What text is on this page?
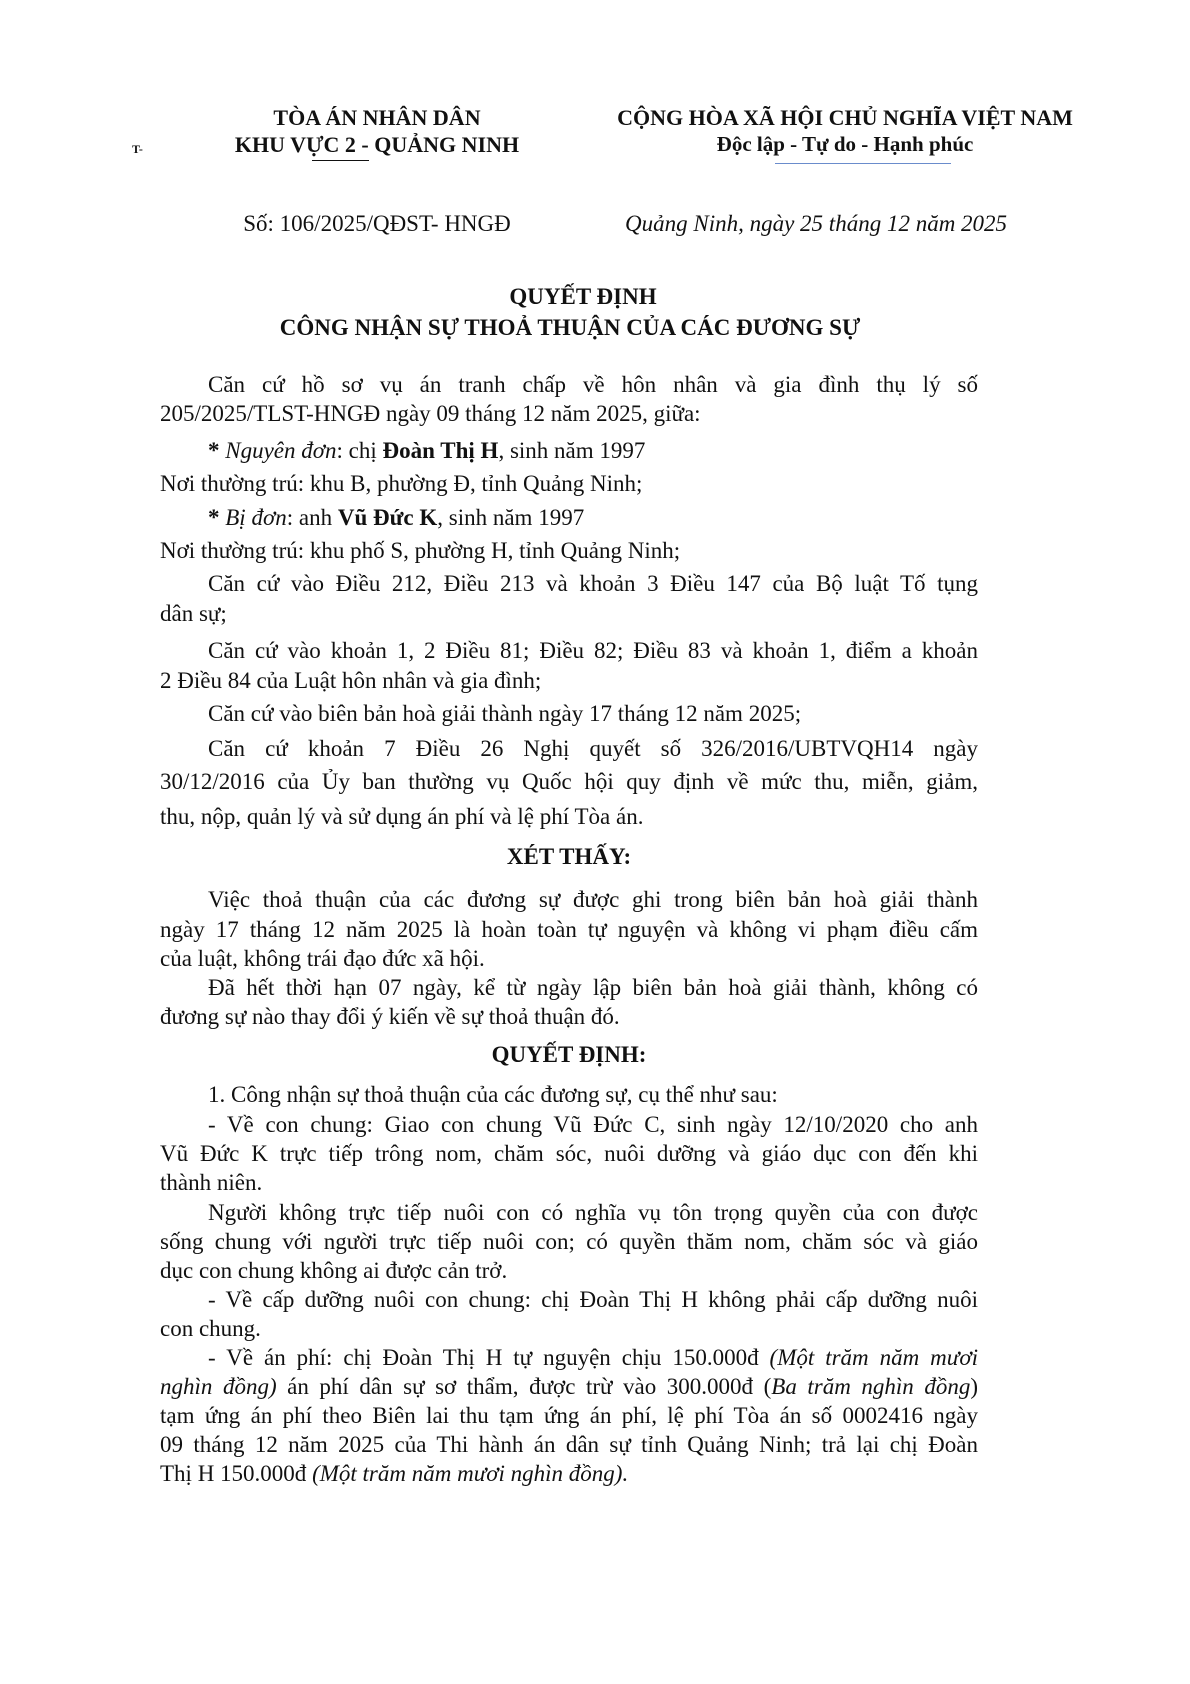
TÒA ÁN NHÂN DÂN
KHU VỰC 2 - QUẢNG NINH
T-
CỘNG HÒA XÃ HỘI CHỦ NGHĨA VIỆT NAM
Độc lập - Tự do - Hạnh phúc
Số: 106/2025/QĐST- HNGĐ	Quảng Ninh, ngày 25 tháng 12 năm 2025
QUYẾT ĐỊNH
CÔNG NHẬN SỰ THOẢ THUẬN CỦA CÁC ĐƯƠNG SỰ
Căn cứ hồ sơ vụ án tranh chấp về hôn nhân và gia đình thụ lý số
205/2025/TLST-HNGĐ ngày 09 tháng 12 năm 2025, giữa:
* Nguyên đơn: chị Đoàn Thị H, sinh năm 1997
Nơi thường trú: khu B, phường Đ, tỉnh Quảng Ninh;
* Bị đơn: anh Vũ Đức K, sinh năm 1997
Nơi thường trú: khu phố S, phường H, tỉnh Quảng Ninh;
Căn cứ vào Điều 212, Điều 213 và khoản 3 Điều 147 của Bộ luật Tố tụng
dân sự;
Căn cứ vào khoản 1, 2 Điều 81; Điều 82; Điều 83 và khoản 1, điểm a khoản
2 Điều 84 của Luật hôn nhân và gia đình;
Căn cứ vào biên bản hoà giải thành ngày 17 tháng 12 năm 2025;
Căn cứ khoản 7 Điều 26 Nghị quyết số 326/2016/UBTVQH14 ngày
30/12/2016 của Ủy ban thường vụ Quốc hội quy định về mức thu, miễn, giảm,
thu, nộp, quản lý và sử dụng án phí và lệ phí Tòa án.
XÉT THẤY:
Việc thoả thuận của các đương sự được ghi trong biên bản hoà giải thành
ngày 17 tháng 12 năm 2025 là hoàn toàn tự nguyện và không vi phạm điều cấm
của luật, không trái đạo đức xã hội.
Đã hết thời hạn 07 ngày, kể từ ngày lập biên bản hoà giải thành, không có
đương sự nào thay đổi ý kiến về sự thoả thuận đó.
QUYẾT ĐỊNH:
1. Công nhận sự thoả thuận của các đương sự, cụ thể như sau:
- Về con chung: Giao con chung Vũ Đức C, sinh ngày 12/10/2020 cho anh
Vũ Đức K trực tiếp trông nom, chăm sóc, nuôi dưỡng và giáo dục con đến khi
thành niên.
Người không trực tiếp nuôi con có nghĩa vụ tôn trọng quyền của con được
sống chung với người trực tiếp nuôi con; có quyền thăm nom, chăm sóc và giáo
dục con chung không ai được cản trở.
- Về cấp dưỡng nuôi con chung: chị Đoàn Thị H không phải cấp dưỡng nuôi
con chung.
- Về án phí: chị Đoàn Thị H tự nguyện chịu 150.000đ (Một trăm năm mươi
nghìn đồng) án phí dân sự sơ thẩm, được trừ vào 300.000đ (Ba trăm nghìn đồng)
tạm ứng án phí theo Biên lai thu tạm ứng án phí, lệ phí Tòa án số 0002416 ngày
09 tháng 12 năm 2025 của Thi hành án dân sự tỉnh Quảng Ninh; trả lại chị Đoàn
Thị H 150.000đ (Một trăm năm mươi nghìn đồng).
